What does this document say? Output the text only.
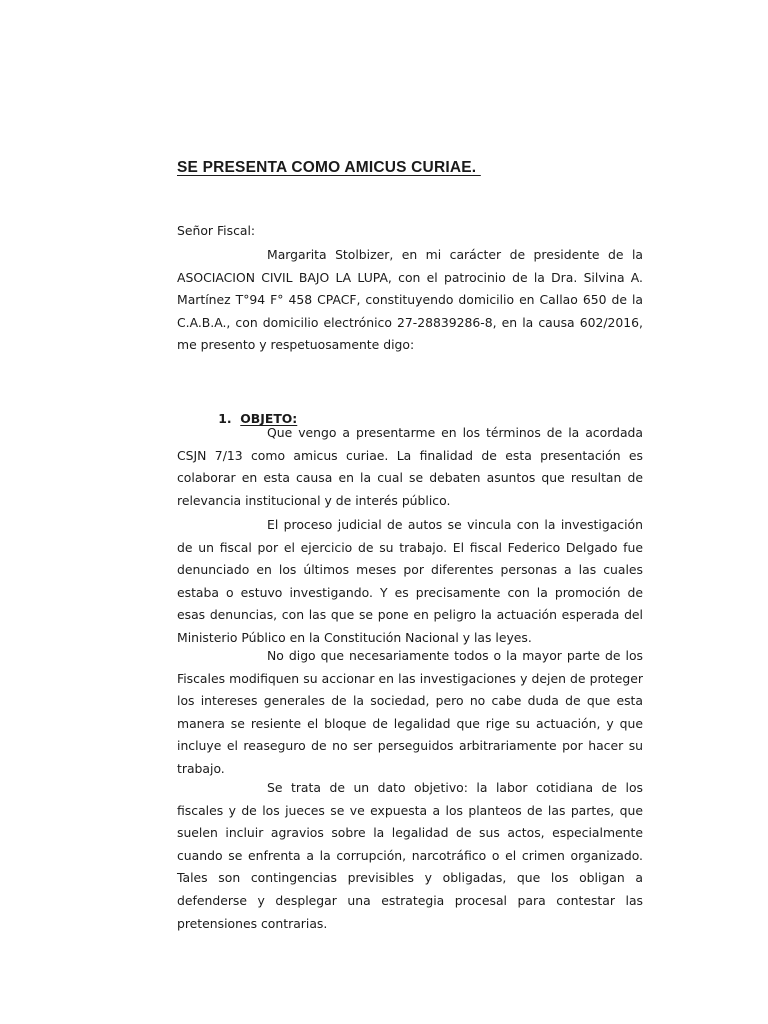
SE PRESENTA COMO AMICUS CURIAE.

Señor Fiscal:

Margarita Stolbizer, en mi carácter de presidente de la ASOCIACION CIVIL BAJO LA LUPA, con el patrocinio de la Dra. Silvina A. Martínez T°94 F° 458 CPACF, constituyendo domicilio en Callao 650 de la C.A.B.A., con domicilio electrónico 27-28839286-8, en la causa 602/2016, me presento y respetuosamente digo:

1. OBJETO:

Que vengo a presentarme en los términos de la acordada CSJN 7/13 como amicus curiae. La finalidad de esta presentación es colaborar en esta causa en la cual se debaten asuntos que resultan de relevancia institucional y de interés público.

El proceso judicial de autos se vincula con la investigación de un fiscal por el ejercicio de su trabajo. El fiscal Federico Delgado fue denunciado en los últimos meses por diferentes personas a las cuales estaba o estuvo investigando. Y es precisamente con la promoción de esas denuncias, con las que se pone en peligro la actuación esperada del Ministerio Público en la Constitución Nacional y las leyes.

No digo que necesariamente todos o la mayor parte de los Fiscales modifiquen su accionar en las investigaciones y dejen de proteger los intereses generales de la sociedad, pero no cabe duda de que esta manera se resiente el bloque de legalidad que rige su actuación, y que incluye el reaseguro de no ser perseguidos arbitrariamente por hacer su trabajo.

Se trata de un dato objetivo: la labor cotidiana de los fiscales y de los jueces se ve expuesta a los planteos de las partes, que suelen incluir agravios sobre la legalidad de sus actos, especialmente cuando se enfrenta a la corrupción, narcotráfico o el crimen organizado. Tales son contingencias previsibles y obligadas, que los obligan a defenderse y desplegar una estrategia procesal para contestar las pretensiones contrarias.
